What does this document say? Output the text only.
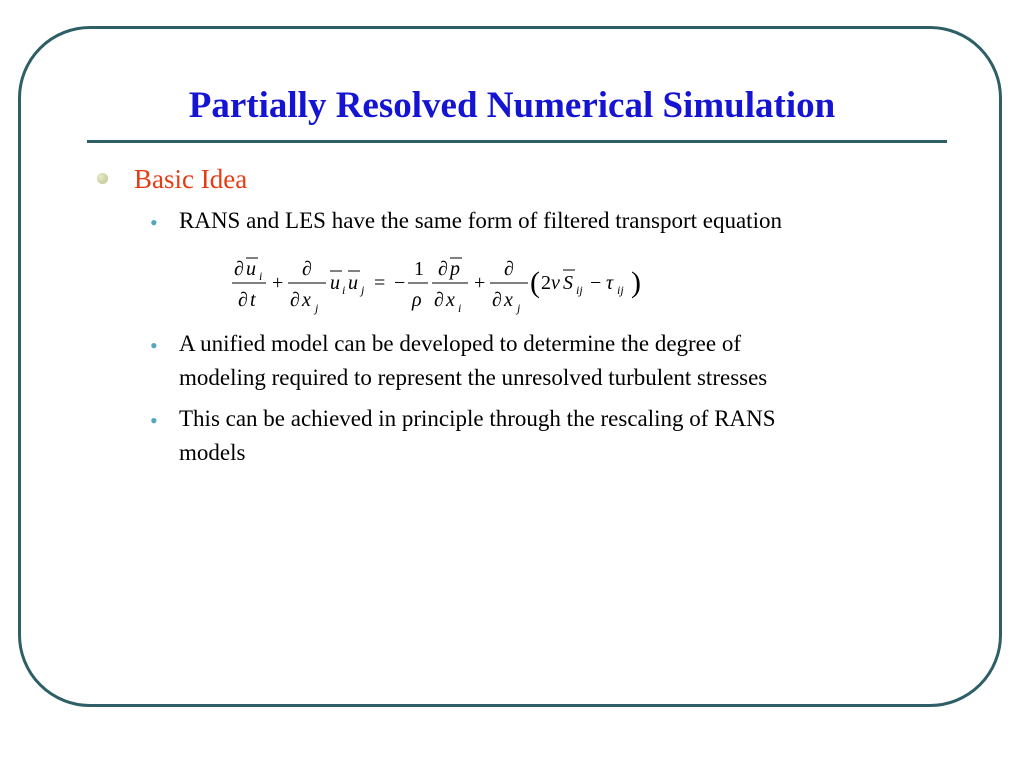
Partially Resolved Numerical Simulation
Basic Idea
• RANS and LES have the same form of filtered transport equation
∂ u i
∂ t
+
∂
∂ x j
u i u j = −
1
ρ
∂ p
∂ x i
+
∂
∂ x j
( 2 ν S ij − τ ij )
• A unified model can be developed to determine the degree of
modeling required to represent the unresolved turbulent stresses
• This can be achieved in principle through the rescaling of RANS
models
